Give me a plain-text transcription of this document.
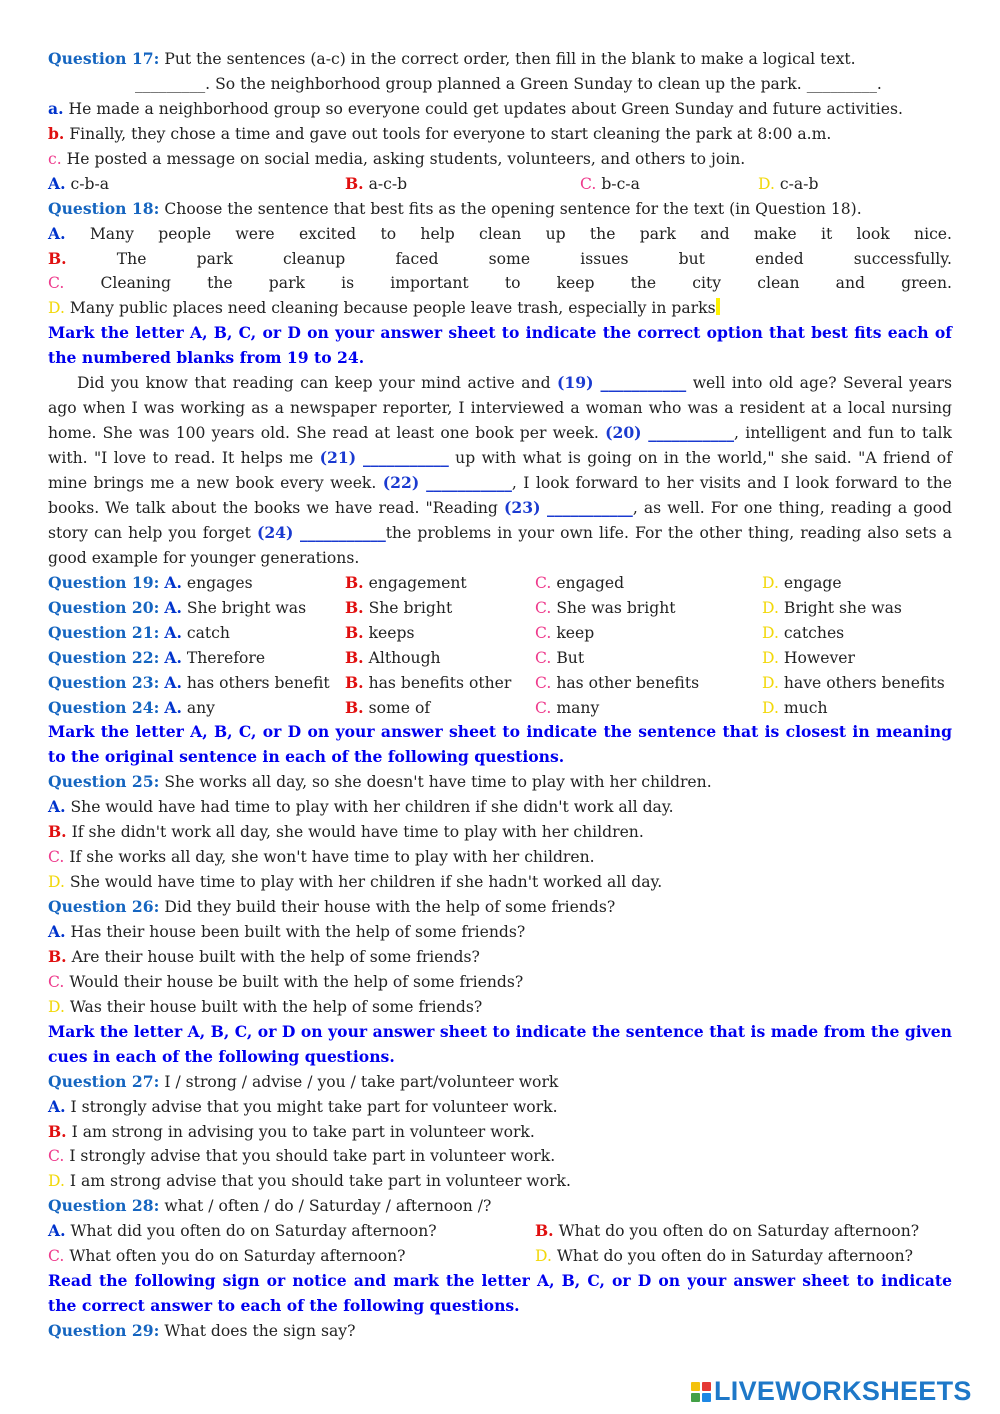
Question 17: Put the sentences (a-c) in the correct order, then fill in the blank to make a logical text.
_________. So the neighborhood group planned a Green Sunday to clean up the park. _________.
a. He made a neighborhood group so everyone could get updates about Green Sunday and future activities.
b. Finally, they chose a time and gave out tools for everyone to start cleaning the park at 8:00 a.m.
c. He posted a message on social media, asking students, volunteers, and others to join.
A. c-b-a	B. a-c-b	C. b-c-a	D. c-a-b
Question 18: Choose the sentence that best fits as the opening sentence for the text (in Question 18).
A. Many people were excited to help clean up the park and make it look nice.
B.	The park cleanup faced some issues but ended successfully.
C. Cleaning the park is important to keep the city clean and green.
D. Many public places need cleaning because people leave trash, especially in parks
Mark the letter A, B, C, or D on your answer sheet to indicate the correct option that best fits each of the numbered blanks from 19 to 24.
Did you know that reading can keep your mind active and (19) ___________ well into old age? Several years ago when I was working as a newspaper reporter, I interviewed a woman who was a resident at a local nursing home. She was 100 years old. She read at least one book per week. (20) ___________, intelligent and fun to talk with. "I love to read. It helps me (21) ___________ up with what is going on in the world," she said. "A friend of mine brings me a new book every week. (22) ___________, I look forward to her visits and I look forward to the books. We talk about the books we have read. "Reading (23) ___________, as well. For one thing, reading a good story can help you forget (24) ___________the problems in your own life. For the other thing, reading also sets a good example for younger generations.
Question 19: A. engages	B. engagement	C. engaged	D. engage
Question 20: A. She bright was B. She bright	C. She was bright	D. Bright she was
Question 21: A. catch	B. keeps	C. keep	D. catches
Question 22: A. Therefore	B. Although	C. But	D. However
Question 23: A. has others benefit B. has benefits other C. has other benefits	D. have others benefits
Question 24: A. any	B. some of	C. many	D. much
Mark the letter A, B, C, or D on your answer sheet to indicate the sentence that is closest in meaning to the original sentence in each of the following questions.
Question 25: She works all day, so she doesn't have time to play with her children.
A. She would have had time to play with her children if she didn't work all day.
B. If she didn't work all day, she would have time to play with her children.
C. If she works all day, she won't have time to play with her children.
D. She would have time to play with her children if she hadn't worked all day.
Question 26: Did they build their house with the help of some friends?
A. Has their house been built with the help of some friends?
B. Are their house built with the help of some friends?
C. Would their house be built with the help of some friends?
D. Was their house built with the help of some friends?
Mark the letter A, B, C, or D on your answer sheet to indicate the sentence that is made from the given cues in each of the following questions.
Question 27: I / strong / advise / you / take part/volunteer work
A. I strongly advise that you might take part for volunteer work.
B. I am strong in advising you to take part in volunteer work.
C. I strongly advise that you should take part in volunteer work.
D. I am strong advise that you should take part in volunteer work.
Question 28: what / often / do / Saturday / afternoon /?
A. What did you often do on Saturday afternoon?	B. What do you often do on Saturday afternoon?
C. What often you do on Saturday afternoon?	D. What do you often do in Saturday afternoon?
Read the following sign or notice and mark the letter A, B, C, or D on your answer sheet to indicate the correct answer to each of the following questions.
Question 29: What does the sign say?
LIVEWORKSHEETS
